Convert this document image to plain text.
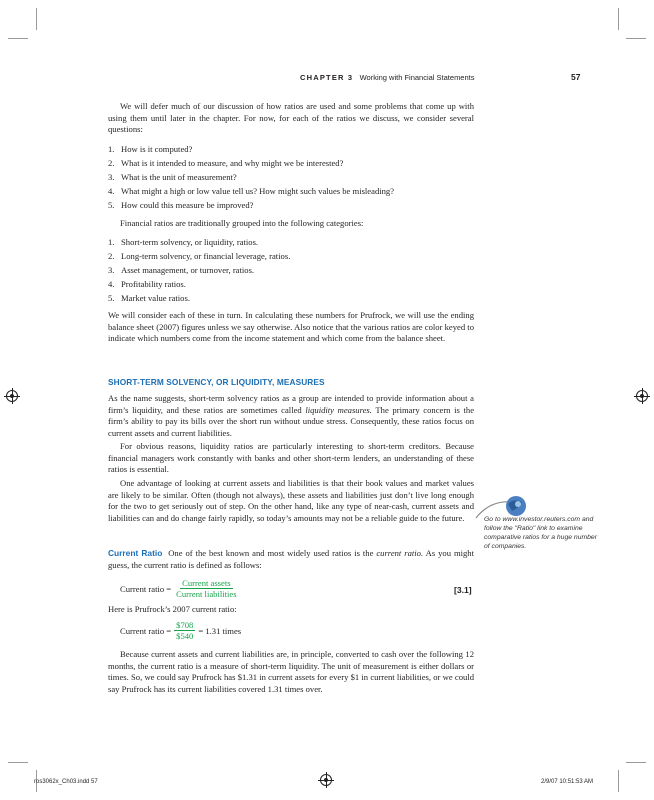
CHAPTER 3 Working with Financial Statements	57

We will defer much of our discussion of how ratios are used and some problems that come up with using them until later in the chapter. For now, for each of the ratios we discuss, we consider several questions:

1. How is it computed?
2. What is it intended to measure, and why might we be interested?
3. What is the unit of measurement?
4. What might a high or low value tell us? How might such values be misleading?
5. How could this measure be improved?

Financial ratios are traditionally grouped into the following categories:

1. Short-term solvency, or liquidity, ratios.
2. Long-term solvency, or financial leverage, ratios.
3. Asset management, or turnover, ratios.
4. Profitability ratios.
5. Market value ratios.

We will consider each of these in turn. In calculating these numbers for Prufrock, we will use the ending balance sheet (2007) figures unless we say otherwise. Also notice that the various ratios are color keyed to indicate which numbers come from the income statement and which come from the balance sheet.

SHORT-TERM SOLVENCY, OR LIQUIDITY, MEASURES

As the name suggests, short-term solvency ratios as a group are intended to provide information about a firm’s liquidity, and these ratios are sometimes called liquidity measures. The primary concern is the firm’s ability to pay its bills over the short run without undue stress. Consequently, these ratios focus on current assets and current liabilities.

For obvious reasons, liquidity ratios are particularly interesting to short-term creditors. Because financial managers work constantly with banks and other short-term lenders, an understanding of these ratios is essential.

One advantage of looking at current assets and liabilities is that their book values and market values are likely to be similar. Often (though not always), these assets and liabilities just don’t live long enough for the two to get seriously out of step. On the other hand, like any type of near-cash, current assets and liabilities can and do change fairly rapidly, so today’s amounts may not be a reliable guide to the future.	Go to www.investor.reuters.com and follow the "Ratio" link to examine comparative ratios for a huge number of companies.

Current Ratio One of the best known and most widely used ratios is the current ratio. As you might guess, the current ratio is defined as follows:

Current ratio = $\frac{\text{Current assets}}{\text{Current liabilities}}$	[3.1]

Here is Prufrock’s 2007 current ratio:

Current ratio = $\frac{\$708}{\$540} = 1.31$ times

Because current assets and current liabilities are, in principle, converted to cash over the following 12 months, the current ratio is a measure of short-term liquidity. The unit of measurement is either dollars or times. So, we could say Prufrock has $1.31 in current assets for every $1 in current liabilities, or we could say Prufrock has its current liabilities covered 1.31 times over.

ros3062x_Ch03.indd 57	2/9/07 10:51:53 AM
